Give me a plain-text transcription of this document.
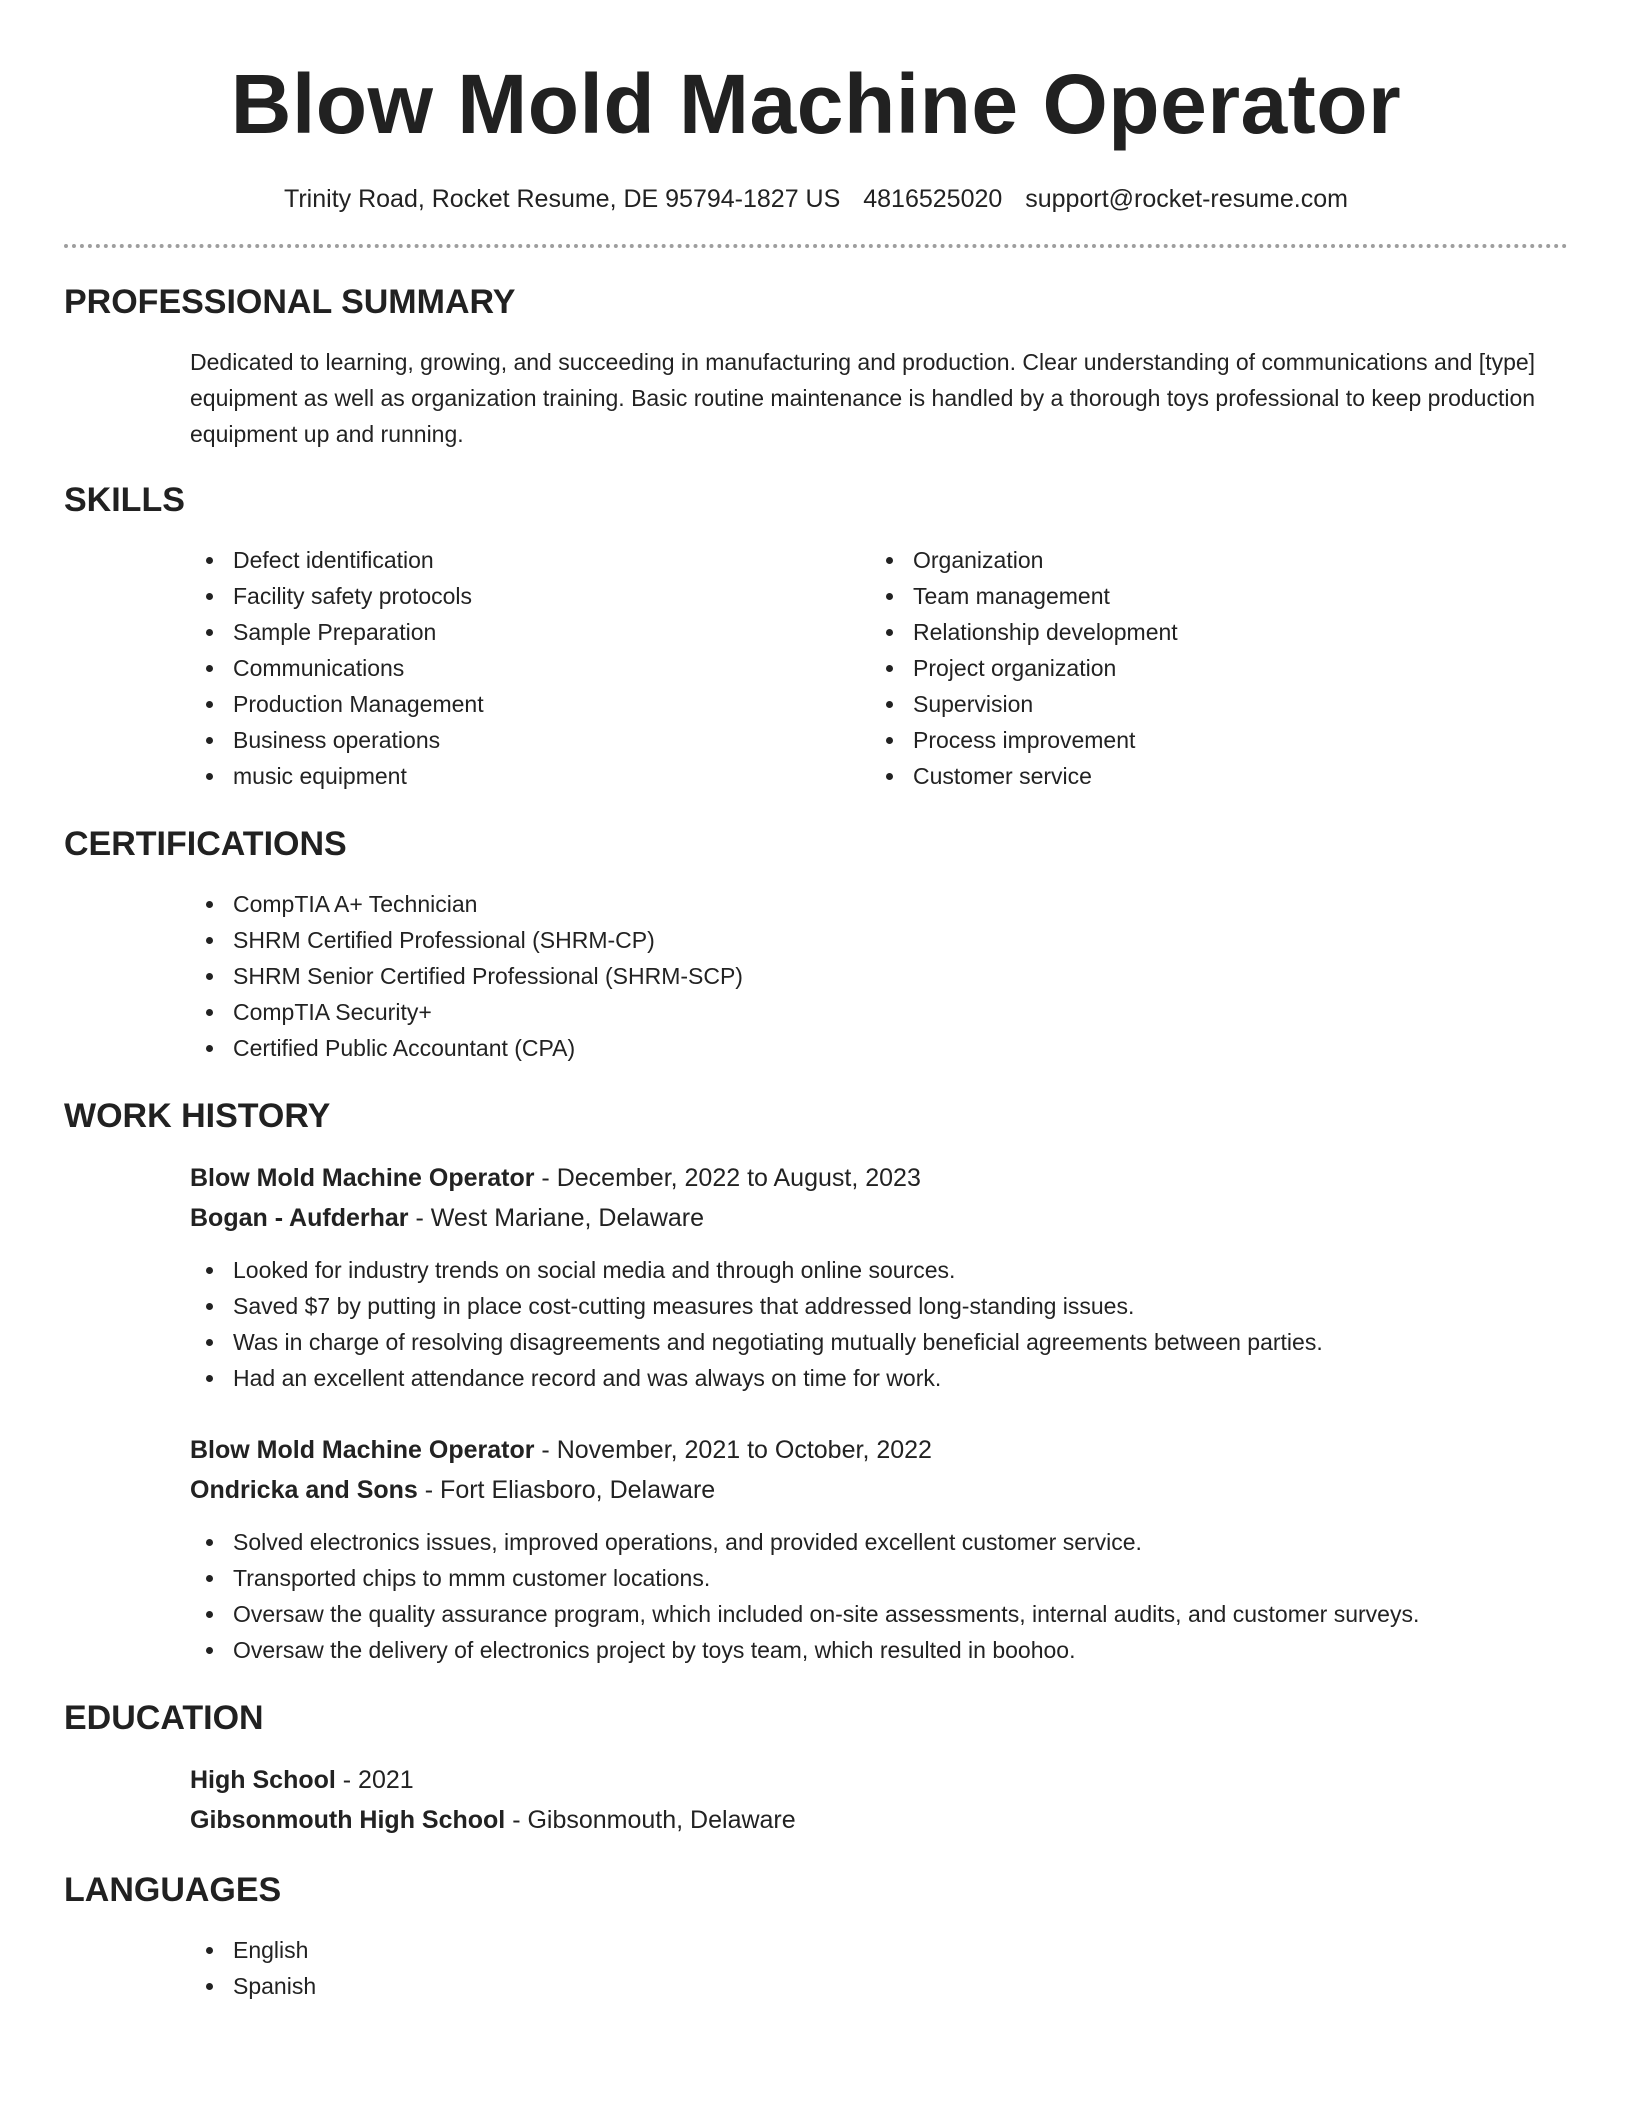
Blow Mold Machine Operator
Trinity Road, Rocket Resume, DE 95794-1827 US 4816525020 support@rocket-resume.com
PROFESSIONAL SUMMARY
Dedicated to learning, growing, and succeeding in manufacturing and production. Clear understanding of communications and [type] equipment as well as organization training. Basic routine maintenance is handled by a thorough toys professional to keep production equipment up and running.
SKILLS
Defect identification
Facility safety protocols
Sample Preparation
Communications
Production Management
Business operations
music equipment
Organization
Team management
Relationship development
Project organization
Supervision
Process improvement
Customer service
CERTIFICATIONS
CompTIA A+ Technician
SHRM Certified Professional (SHRM-CP)
SHRM Senior Certified Professional (SHRM-SCP)
CompTIA Security+
Certified Public Accountant (CPA)
WORK HISTORY
Blow Mold Machine Operator - December, 2022 to August, 2023
Bogan - Aufderhar - West Mariane, Delaware
Looked for industry trends on social media and through online sources.
Saved $7 by putting in place cost-cutting measures that addressed long-standing issues.
Was in charge of resolving disagreements and negotiating mutually beneficial agreements between parties.
Had an excellent attendance record and was always on time for work.
Blow Mold Machine Operator - November, 2021 to October, 2022
Ondricka and Sons - Fort Eliasboro, Delaware
Solved electronics issues, improved operations, and provided excellent customer service.
Transported chips to mmm customer locations.
Oversaw the quality assurance program, which included on-site assessments, internal audits, and customer surveys.
Oversaw the delivery of electronics project by toys team, which resulted in boohoo.
EDUCATION
High School - 2021
Gibsonmouth High School - Gibsonmouth, Delaware
LANGUAGES
English
Spanish
